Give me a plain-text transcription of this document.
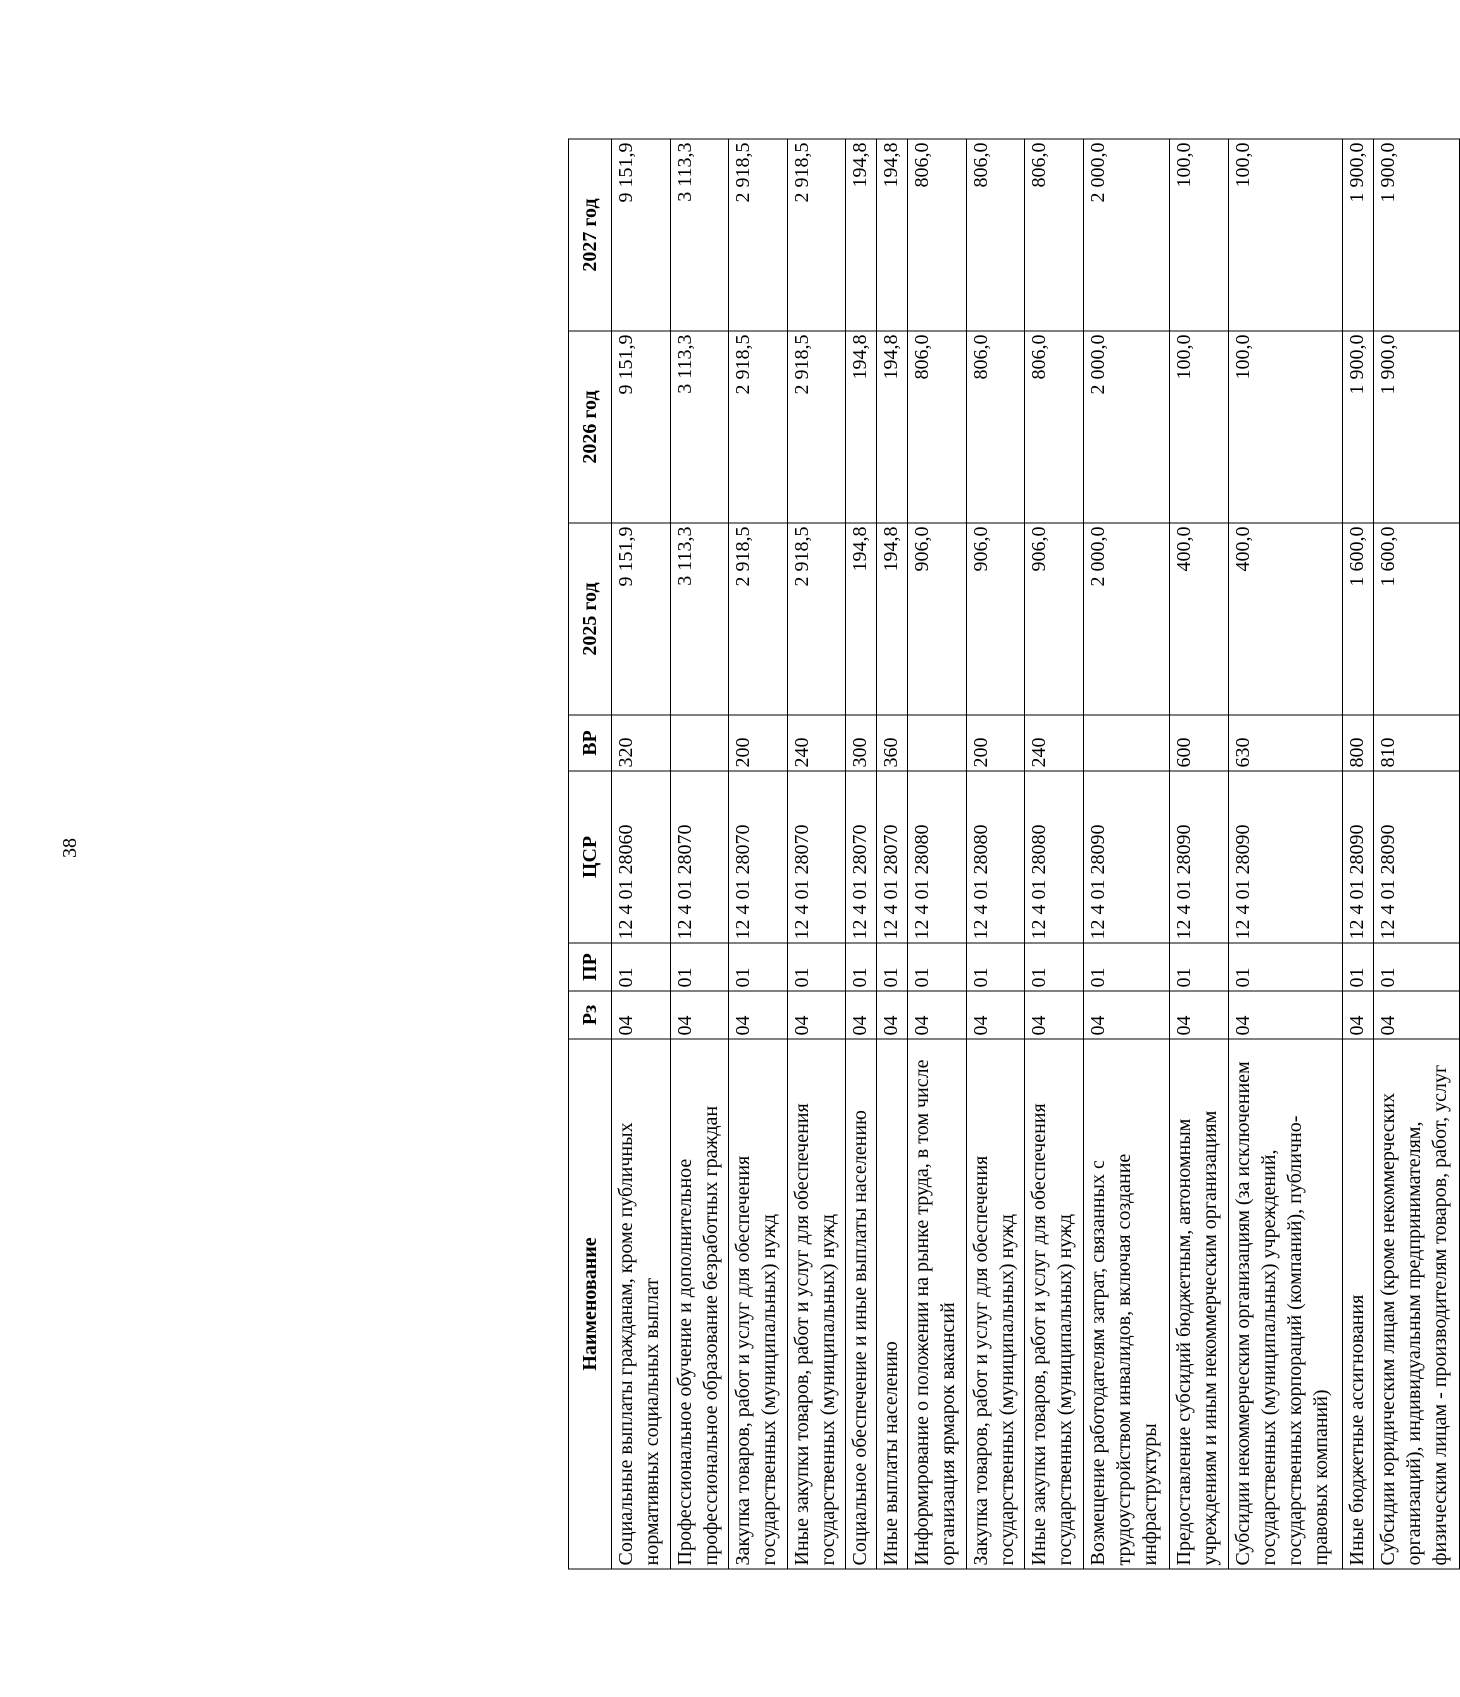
38
Наименование	Рз	ПР	ЦСР	ВР	2025 год	2026 год	2027 год
Социальные выплаты гражданам, кроме публичных нормативных социальных выплат	04	01	12 4 01 28060	320	9 151,9	9 151,9	9 151,9
Профессиональное обучение и дополнительное профессиональное образование безработных граждан	04	01	12 4 01 28070		3 113,3	3 113,3	3 113,3
Закупка товаров, работ и услуг для обеспечения государственных (муниципальных) нужд	04	01	12 4 01 28070	200	2 918,5	2 918,5	2 918,5
Иные закупки товаров, работ и услуг для обеспечения государственных (муниципальных) нужд	04	01	12 4 01 28070	240	2 918,5	2 918,5	2 918,5
Социальное обеспечение и иные выплаты населению	04	01	12 4 01 28070	300	194,8	194,8	194,8
Иные выплаты населению	04	01	12 4 01 28070	360	194,8	194,8	194,8
Информирование о положении на рынке труда, в том числе организация ярмарок вакансий	04	01	12 4 01 28080		906,0	806,0	806,0
Закупка товаров, работ и услуг для обеспечения государственных (муниципальных) нужд	04	01	12 4 01 28080	200	906,0	806,0	806,0
Иные закупки товаров, работ и услуг для обеспечения государственных (муниципальных) нужд	04	01	12 4 01 28080	240	906,0	806,0	806,0
Возмещение работодателям затрат, связанных с трудоустройством инвалидов, включая создание инфраструктуры	04	01	12 4 01 28090		2 000,0	2 000,0	2 000,0
Предоставление субсидий бюджетным, автономным учреждениям и иным некоммерческим организациям	04	01	12 4 01 28090	600	400,0	100,0	100,0
Субсидии некоммерческим организациям (за исключением государственных (муниципальных) учреждений, государственных корпораций (компаний), публично-правовых компаний)	04	01	12 4 01 28090	630	400,0	100,0	100,0
Иные бюджетные ассигнования	04	01	12 4 01 28090	800	1 600,0	1 900,0	1 900,0
Субсидии юридическим лицам (кроме некоммерческих организаций), индивидуальным предпринимателям, физическим лицам - производителям товаров, работ, услуг	04	01	12 4 01 28090	810	1 600,0	1 900,0	1 900,0
